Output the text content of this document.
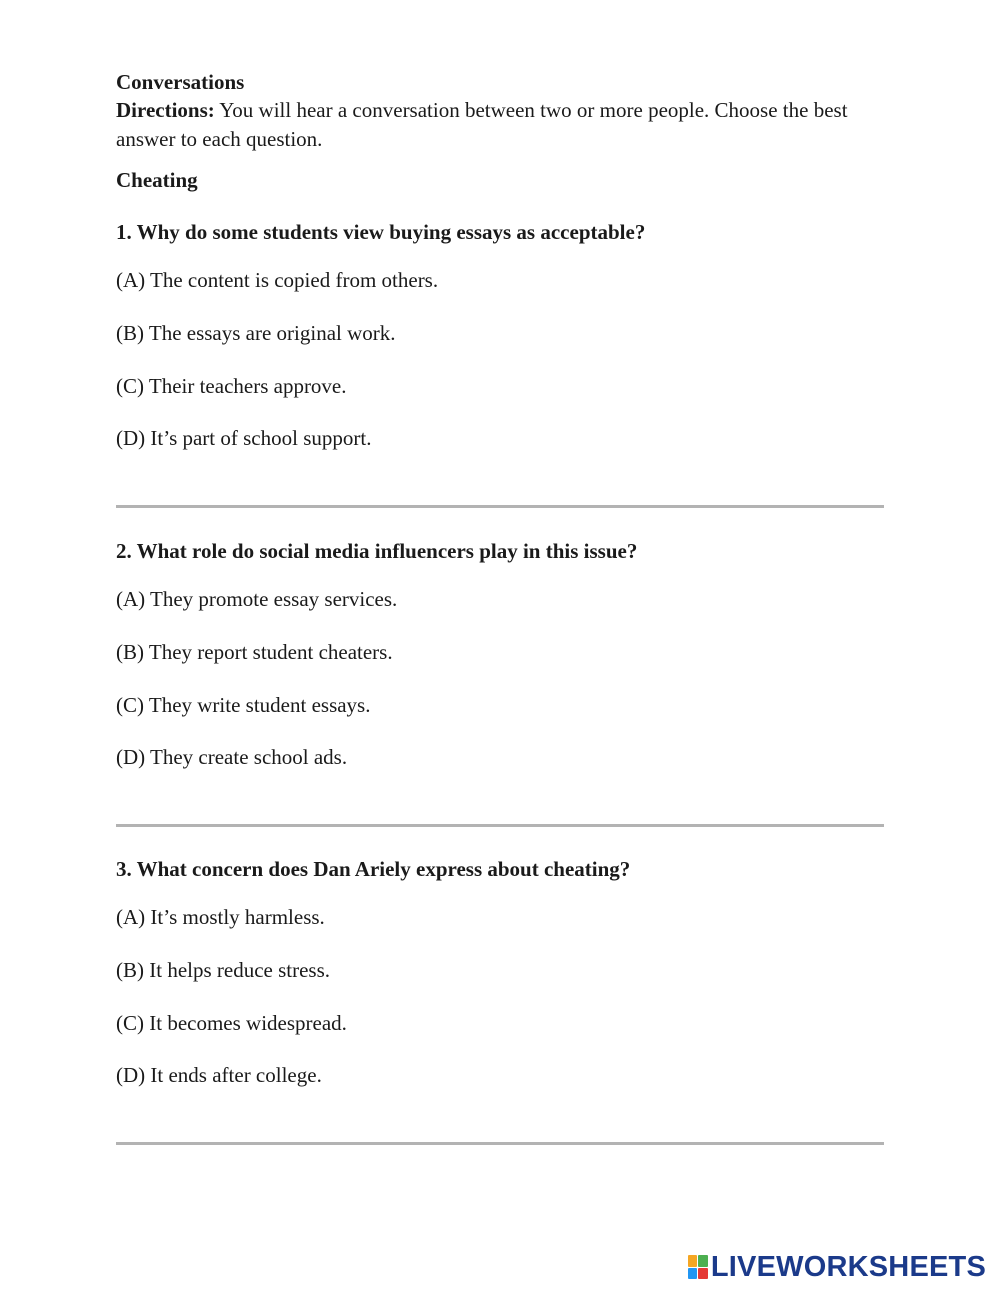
Conversations

Directions: You will hear a conversation between two or more people. Choose the best answer to each question.

Cheating

1. Why do some students view buying essays as acceptable?

(A) The content is copied from others.

(B) The essays are original work.

(C) Their teachers approve.

(D) It’s part of school support.

2. What role do social media influencers play in this issue?

(A) They promote essay services.

(B) They report student cheaters.

(C) They write student essays.

(D) They create school ads.

3. What concern does Dan Ariely express about cheating?

(A) It’s mostly harmless.

(B) It helps reduce stress.

(C) It becomes widespread.

(D) It ends after college.

LIVEWORKSHEETS
